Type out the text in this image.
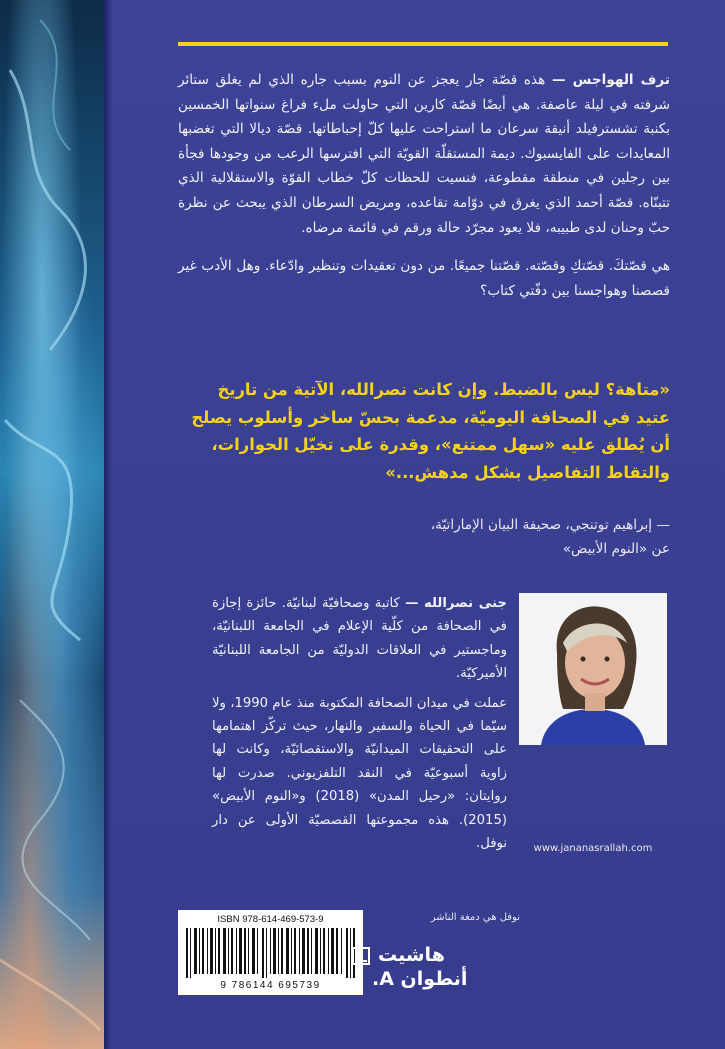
ترف الهواجس — هذه قصّة جار يعجز عن النوم بسبب جاره الذي لم يغلق ستائر شرفته في ليلة عاصفة. هي أيضًا قصّة كارين التي حاولت ملء فراغ سنواتها الخمسين بكنبة تشسترفيلد أنيقة سرعان ما استراحت عليها كلّ إحباطاتها. قصّة ديالا التي تغضبها المعايدات على الفايسبوك. ديمة المستقلّة القويّة التي افترسها الرعب من وجودها فجأة بين رجلين في منطقة مقطوعة، فنسيت للحظات كلّ خطاب القوّة والاستقلالية الذي تتبنّاه. قصّة أحمد الذي يغرق في دوّامة تقاعده، ومريض السرطان الذي يبحث عن نظرة حبّ وحنان لدى طبيبه، فلا يعود مجرّد حالة ورقم في قائمة مرضاه.

هي قصّتكَ. قصّتكِ وقصّته. قصّتنا جميعًا. من دون تعقيدات وتنظير وادّعاء. وهل الأدب غير قصصنا وهواجسنا بين دفّتي كتاب؟

«متاهة؟ ليس بالضبط. وإن كانت نصرالله، الآتية من تاريخ عتيد في الصحافة اليوميّة، مدعمة بحسّ ساخر وأسلوب يصلح أن يُطلق عليه «سهل ممتنع»، وقدرة على تخيّل الحوارات، والتقاط التفاصيل بشكل مدهش...»
— إبراهيم توتنجي، صحيفة البيان الإماراتيّة،
عن «النوم الأبيض»

جنى نصرالله — كاتبة وصحافيّة لبنانيّة. حائزة إجازة في الصحافة من كلّية الإعلام في الجامعة اللبنانيّة، وماجستير في العلاقات الدوليّة من الجامعة اللبنانيّة الأميركيّة.

عملت في ميدان الصحافة المكتوبة منذ عام 1990، ولا سيّما في الحياة والسفير والنهار، حيث تركّز اهتمامها على التحقيقات الميدانيّة والاستقصائيّة، وكانت لها زاوية أسبوعيّة في النقد التلفزيوني. صدرت لها روايتان: «رحيل المدن» (2018) و«النوم الأبيض» (2015). هذه مجموعتها القصصيّة الأولى عن دار نوفل.	www.jananasrallah.com
ISBN 978-614-469-573-9
9 786144 695739
نوفل هي دمغة الناشر
هاشيت
أنطوان A.
